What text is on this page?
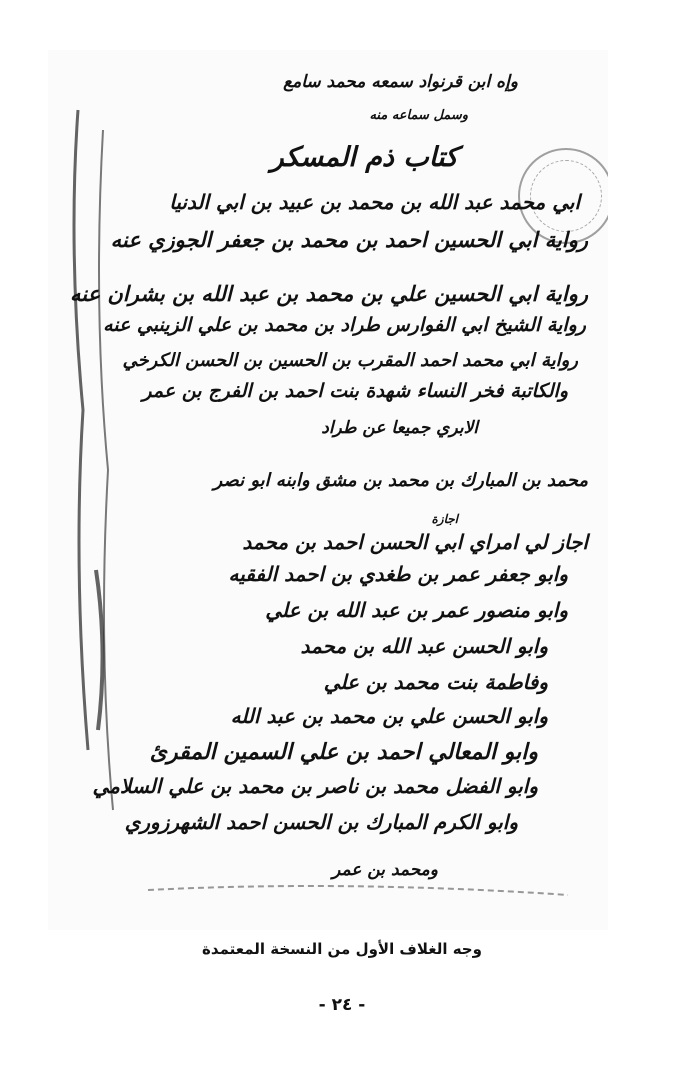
وإه ابن قرنواد سمعه محمد سامع
وسمل سماعه منه
كتاب ذم المسكر
ابي محمد عبد الله بن محمد بن عبيد بن ابي الدنيا
رواية ابي الحسين احمد بن محمد بن جعفر الجوزي عنه
رواية ابي الحسين علي بن محمد بن عبد الله بن بشران عنه
رواية الشيخ ابي الفوارس طراد بن محمد بن علي الزينبي عنه
رواية ابي محمد احمد المقرب بن الحسين بن الحسن الكرخي
والكاتبة فخر النساء شهدة بنت احمد بن الفرج بن عمر
الابري جميعا عن طراد
محمد بن المبارك بن محمد بن مشق وابنه ابو نصر
اجازة
اجاز لي امراي ابي الحسن احمد بن محمد
وابو جعفر عمر بن طغدي بن احمد الفقيه
وابو منصور عمر بن عبد الله بن علي
وابو الحسن عبد الله بن محمد
وفاطمة بنت محمد بن علي
وابو الحسن علي بن محمد بن عبد الله
وابو المعالي احمد بن علي السمين المقرئ
وابو الفضل محمد بن ناصر بن محمد بن علي السلامي
وابو الكرم المبارك بن الحسن احمد الشهرزوري
ومحمد بن عمر
وجه الغلاف الأول من النسخة المعتمدة
- ٢٤ -
